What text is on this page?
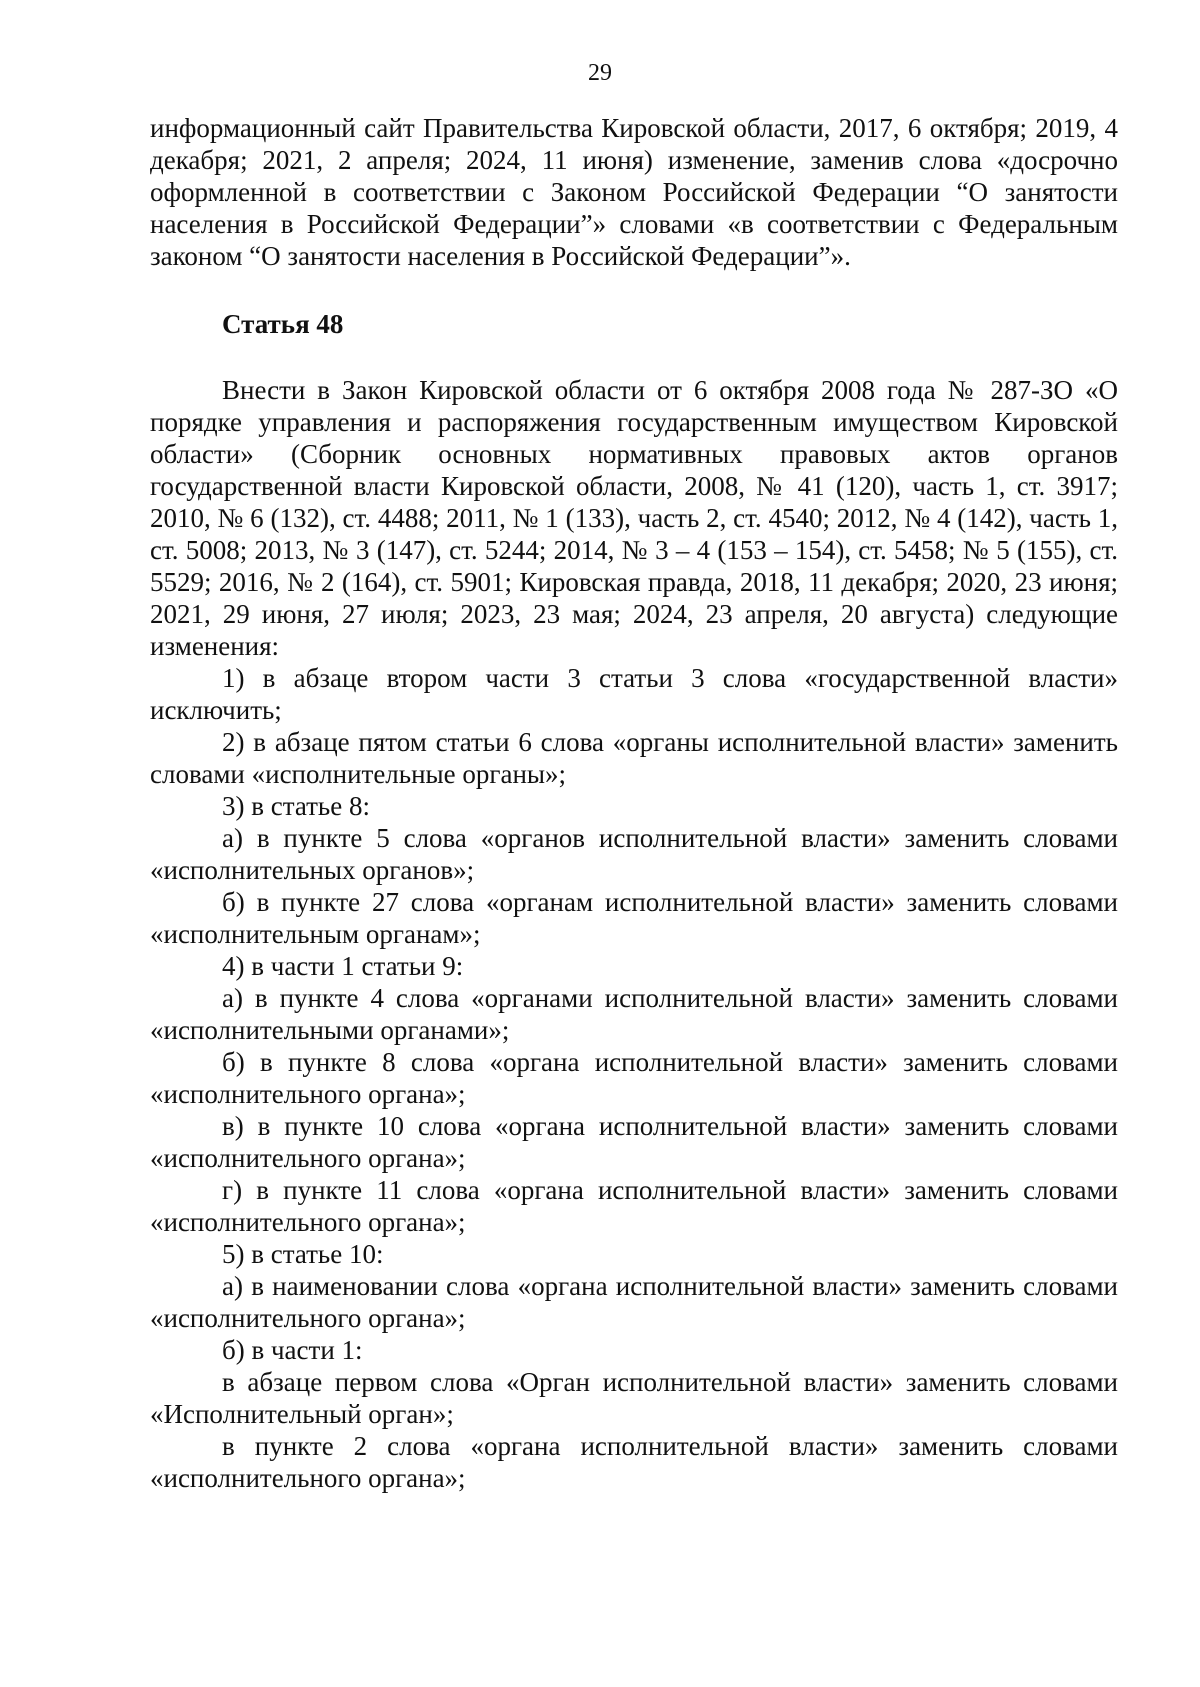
29

информационный сайт Правительства Кировской области, 2017, 6 октября; 2019, 4 декабря; 2021, 2 апреля; 2024, 11 июня) изменение, заменив слова «досрочно оформленной в соответствии с Законом Российской Федерации “О занятости населения в Российской Федерации”» словами «в соответствии с Федеральным законом “О занятости населения в Российской Федерации”».

Статья 48

Внести в Закон Кировской области от 6 октября 2008 года № 287-ЗО «О порядке управления и распоряжения государственным имуществом Кировской области» (Сборник основных нормативных правовых актов органов государственной власти Кировской области, 2008, № 41 (120), часть 1, ст. 3917; 2010, № 6 (132), ст. 4488; 2011, № 1 (133), часть 2, ст. 4540; 2012, № 4 (142), часть 1, ст. 5008; 2013, № 3 (147), ст. 5244; 2014, № 3 – 4 (153 – 154), ст. 5458; № 5 (155), ст. 5529; 2016, № 2 (164), ст. 5901; Кировская правда, 2018, 11 декабря; 2020, 23 июня; 2021, 29 июня, 27 июля; 2023, 23 мая; 2024, 23 апреля, 20 августа) следующие изменения:

1) в абзаце втором части 3 статьи 3 слова «государственной власти» исключить;

2) в абзаце пятом статьи 6 слова «органы исполнительной власти» заменить словами «исполнительные органы»;

3) в статье 8:

а) в пункте 5 слова «органов исполнительной власти» заменить словами «исполнительных органов»;

б) в пункте 27 слова «органам исполнительной власти» заменить словами «исполнительным органам»;

4) в части 1 статьи 9:

а) в пункте 4 слова «органами исполнительной власти» заменить словами «исполнительными органами»;

б) в пункте 8 слова «органа исполнительной власти» заменить словами «исполнительного органа»;

в) в пункте 10 слова «органа исполнительной власти» заменить словами «исполнительного органа»;

г) в пункте 11 слова «органа исполнительной власти» заменить словами «исполнительного органа»;

5) в статье 10:

а) в наименовании слова «органа исполнительной власти» заменить словами «исполнительного органа»;

б) в части 1:

в абзаце первом слова «Орган исполнительной власти» заменить словами «Исполнительный орган»;

в пункте 2 слова «органа исполнительной власти» заменить словами «исполнительного органа»;
